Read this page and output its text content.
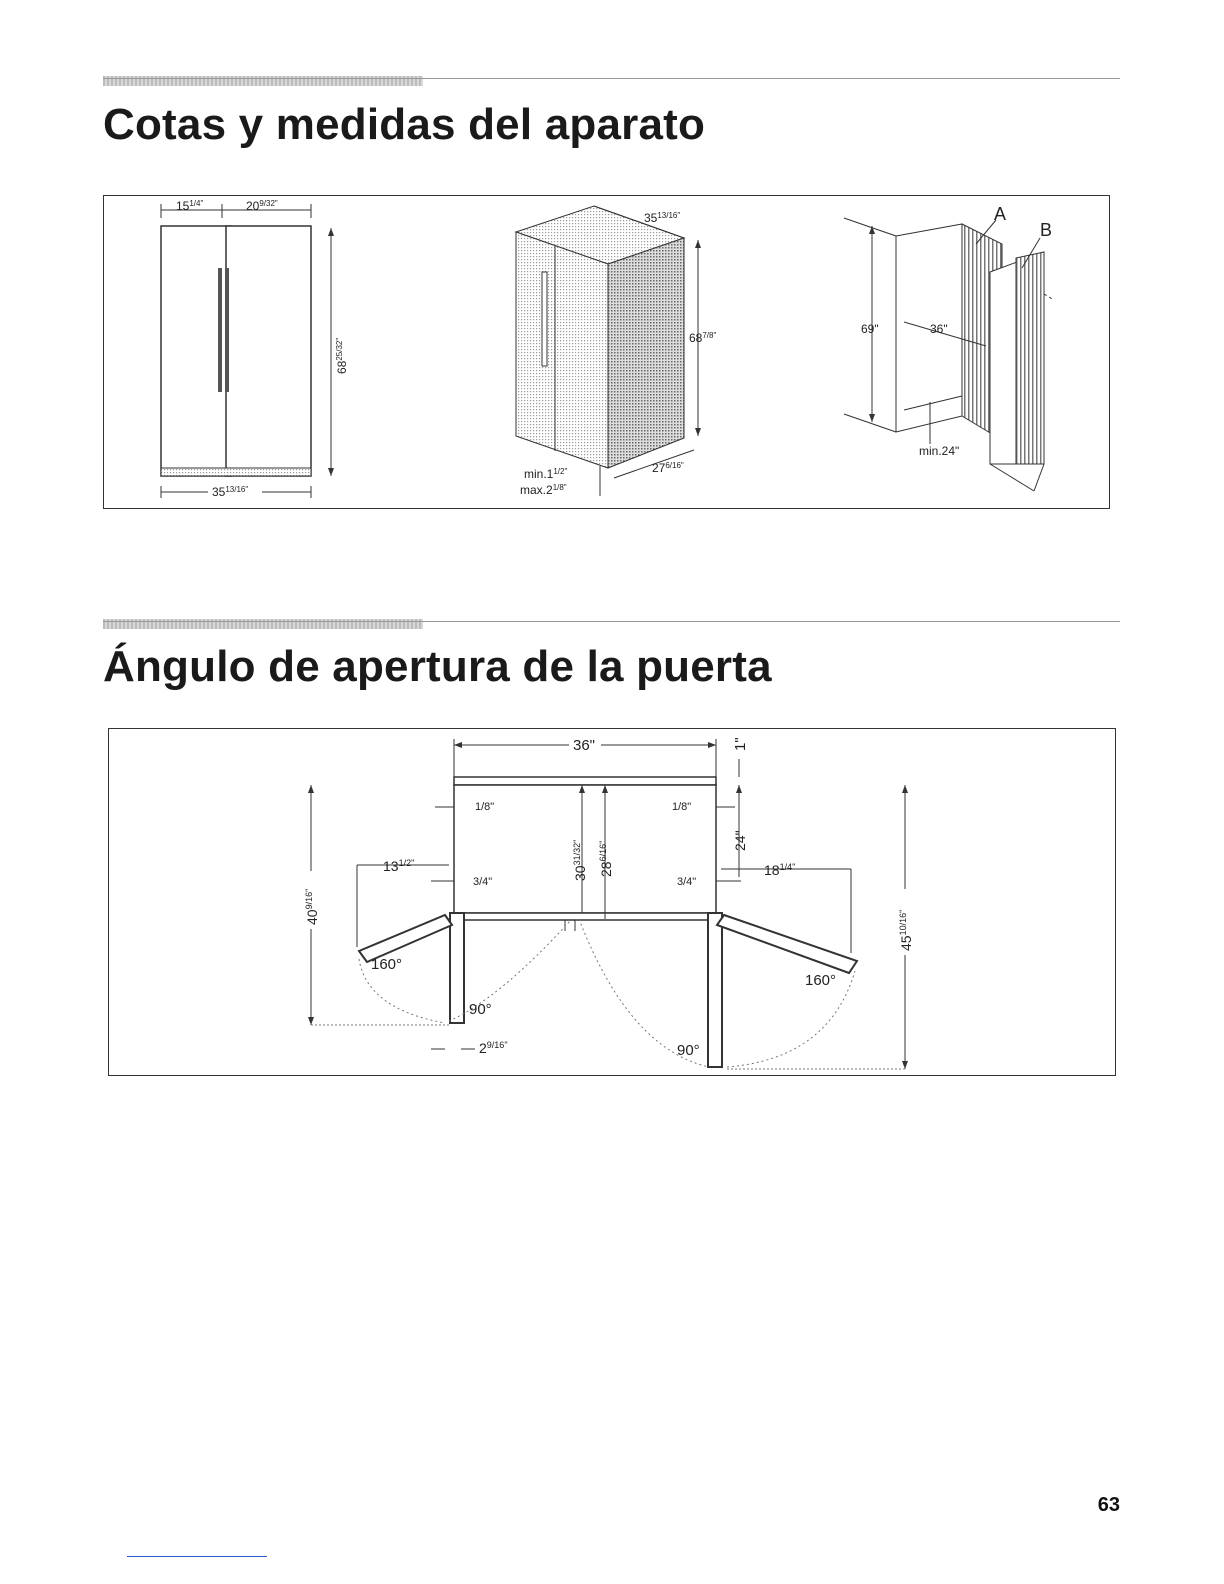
Cotas y medidas del aparato
$15^{1/4"}$	$20^{9/32"}$
$68^{25/32"}$
$35^{13/16"}$
$35^{13/16"}$
$68^{7/8"}$
$27^{6/16"}$
$\min.1^{1/2"}$
$\max.2^{1/8"}$
69"	36"
min.24"
A
B
Ángulo de apertura de la puerta
160°
90°
160°
90°
36"	1"
1/8"	1/8"
$30^{31/32"}$
$28^{6/16"}$	24"
$13^{1/2"}$	$18^{1/4"}$
3/4"	3/4"
$40^{9/16"}$
$45^{10/16"}$
$2^{9/16"}$
63
